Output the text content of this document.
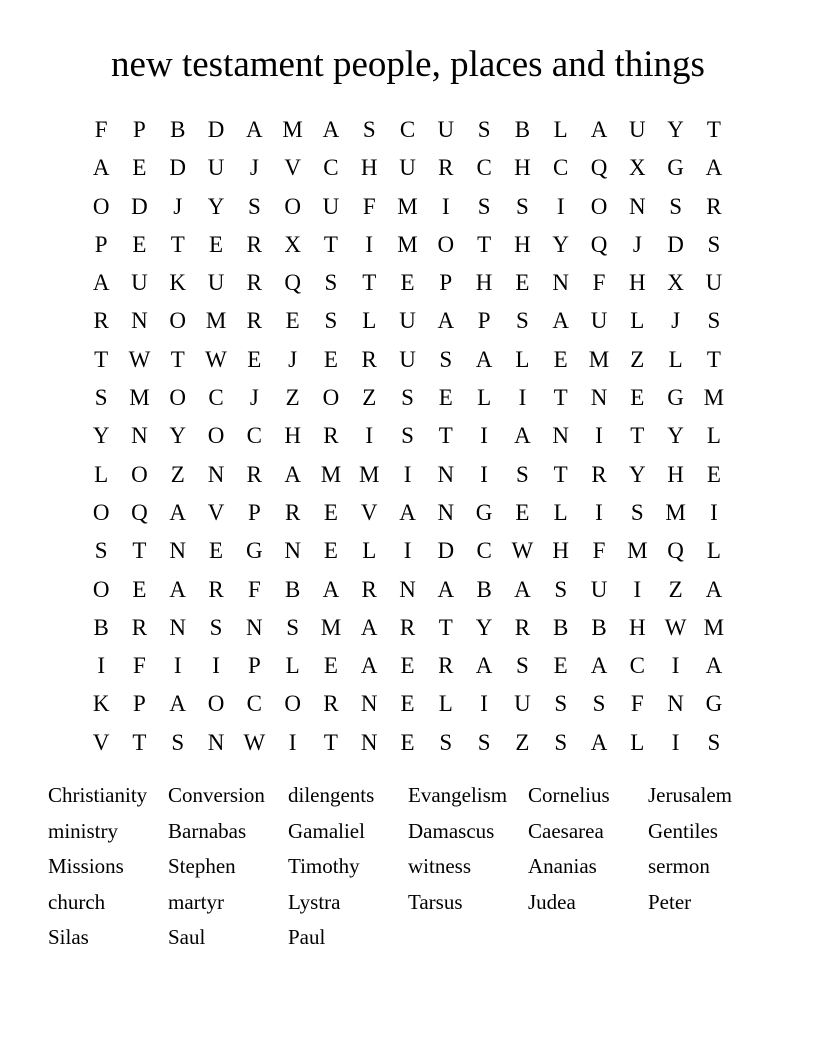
new testament people, places and things
F	P	B D A M A	S	C U	S	B	L A U Y T
A E D U	J	V C H U R C H C Q X G A
O D	J	Y	S	O U	F M	I	S	S	I	O N	S	R
P	E	T	E	R X T	I	M O T H Y Q	J	D	S
A U K U R Q	S	T	E	P	H E N	F	H X U
R N O M R	E	S	L U A	P	S	A U L	J	S
T W T W E	J	E	R U	S	A L	E M Z	L	T
S M O C	J	Z O Z	S	E	L	I	T N E G M
Y N Y O C H R	I	S	T	I	A N	I	T Y L
L O Z N R A M M	I	N	I	S	T	R Y H E
O Q A V	P	R	E V A N G E	L	I	S M	I
S	T N E G N E	L	I	D C W H	F M Q L
O E A R	F	B A R N A B A	S	U	I	Z A
B R N	S	N	S M A R	T Y R B B H W M
I	F	I	I	P	L	E A E	R A	S	E A C	I	A
K	P	A O C O R N E	L	I	U	S	S	F	N G
V T	S	N W	I	T N E	S	S	Z	S	A L	I	S
Christianity Conversion	dilengents	Evangelism Cornelius	Jerusalem
ministry	Barnabas	Gamaliel	Damascus	Caesarea	Gentiles
Missions	Stephen	Timothy	witness	Ananias	sermon
church	martyr	Lystra	Tarsus	Judea	Peter
Silas	Saul	Paul
